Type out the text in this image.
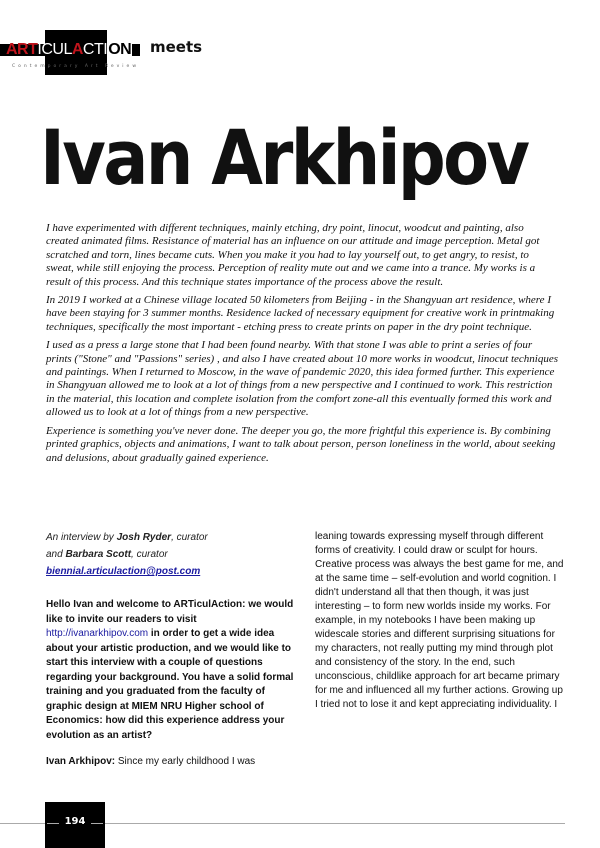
ARTICULACTION
Contemporary Art Review
meets
Ivan Arkhipov

I have experimented with different techniques, mainly etching, dry point, linocut, woodcut and painting, also created animated films. Resistance of material has an influence on our attitude and image perception. Metal got scratched and torn, lines became cuts. When you make it you had to lay yourself out, to get angry, to resist, to sweat, while still enjoying the process. Perception of reality mute out and we came into a trance. My works is a result of this process. And this technique states importance of the process above the result.

In 2019 I worked at a Chinese village located 50 kilometers from Beijing - in the Shangyuan art residence, where I have been staying for 3 summer months. Residence lacked of necessary equipment for creative work in printmaking techniques, specifically the most important - etching press to create prints on paper in the dry point technique.

I used as a press a large stone that I had been found nearby. With that stone I was able to print a series of four prints ("Stone" and "Passions" series) , and also I have created about 10 more works in woodcut, linocut techniques and paintings. When I returned to Moscow, in the wave of pandemic 2020, this idea formed further. This experience in Shangyuan allowed me to look at a lot of things from a new perspective and I continued to work. This restriction in the material, this location and complete isolation from the comfort zone-all this eventually formed this work and allowed us to look at a lot of things from a new perspective.

Experience is something you've never done. The deeper you go, the more frightful this experience is. By combining printed graphics, objects and animations, I want to talk about person, person loneliness in the world, about seeking and delusions, about gradually gained experience.

An interview by Josh Ryder, curator
and Barbara Scott, curator
biennial.articulaction@post.com
Hello Ivan and welcome to ARTiculAction: we would like to invite our readers to visit http://ivanarkhipov.com in order to get a wide idea about your artistic production, and we would like to start this interview with a couple of questions regarding your background. You have a solid formal training and you graduated from the faculty of graphic design at MIEM NRU Higher school of Economics: how did this experience address your evolution as an artist?
Ivan Arkhipov: Since my early childhood I was
leaning towards expressing myself through different forms of creativity. I could draw or sculpt for hours. Creative process was always the best game for me, and at the same time – self-evolution and world cognition. I didn't understand all that then though, it was just interesting – to form new worlds inside my works. For example, in my notebooks I have been making up widescale stories and different surprising situations for my characters, not really putting my mind through plot and consistency of the story. In the end, such unconscious, childlike approach for art became primary for me and influenced all my further actions. Growing up I tried not to lose it and kept appreciating individuality. I
194
